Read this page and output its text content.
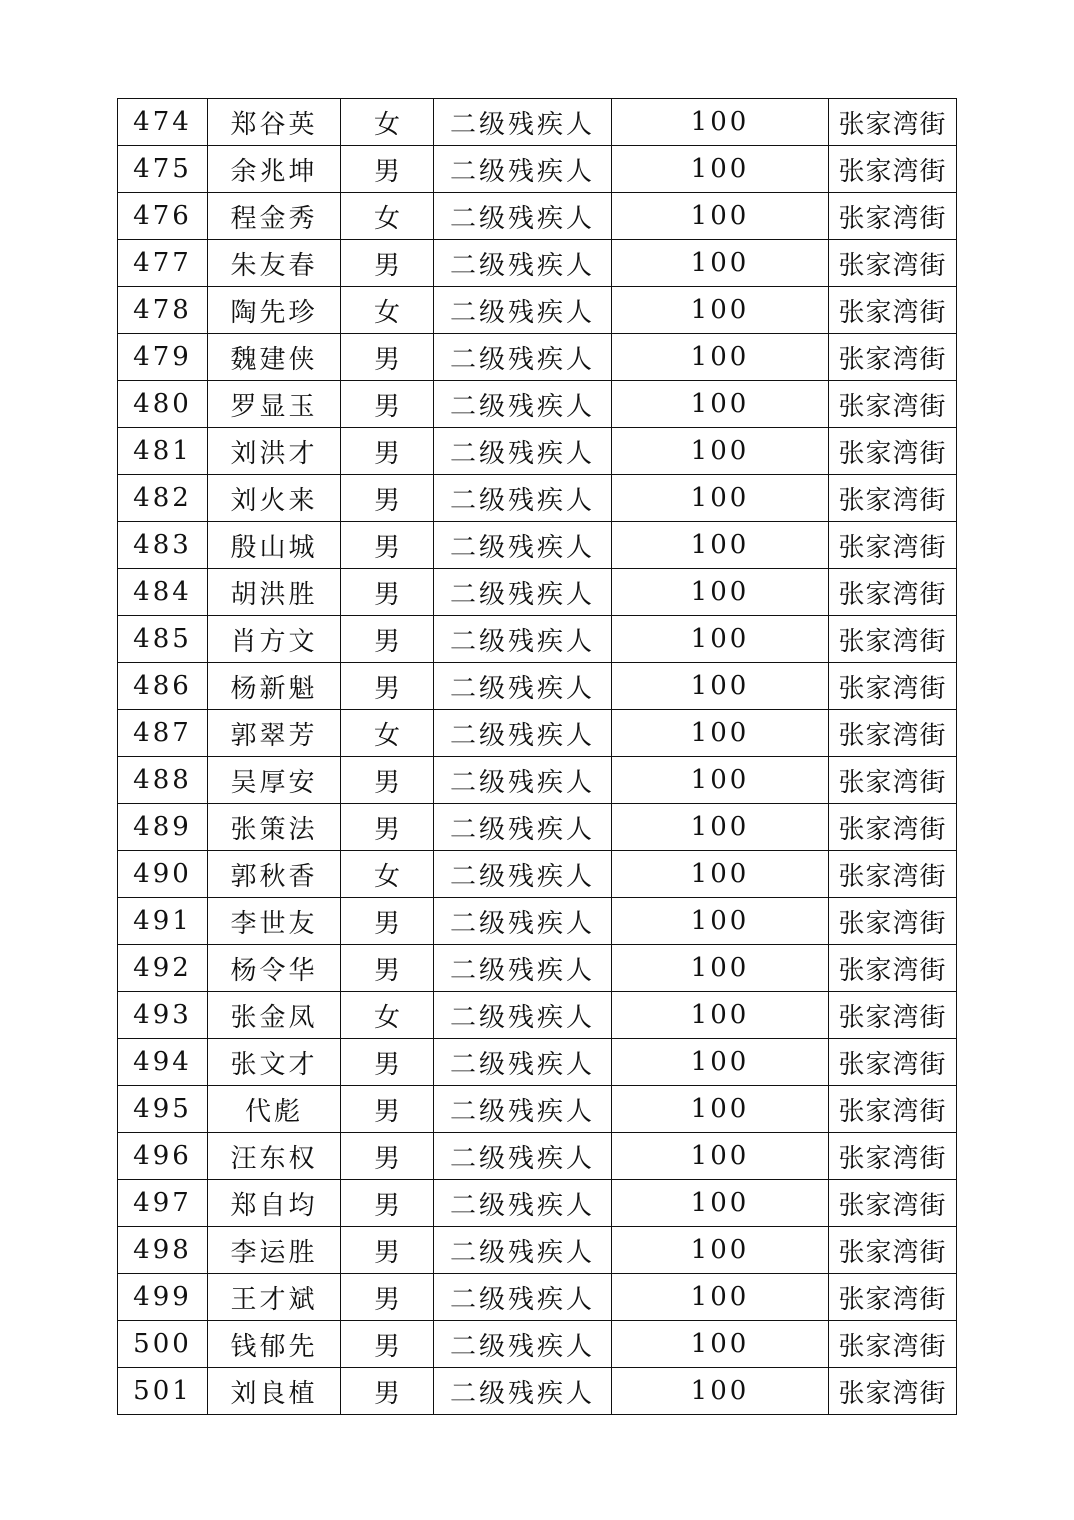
474	郑谷英	女	二级残疾人	100	张家湾街
475	余兆坤	男	二级残疾人	100	张家湾街
476	程金秀	女	二级残疾人	100	张家湾街
477	朱友春	男	二级残疾人	100	张家湾街
478	陶先珍	女	二级残疾人	100	张家湾街
479	魏建侠	男	二级残疾人	100	张家湾街
480	罗显玉	男	二级残疾人	100	张家湾街
481	刘洪才	男	二级残疾人	100	张家湾街
482	刘火来	男	二级残疾人	100	张家湾街
483	殷山城	男	二级残疾人	100	张家湾街
484	胡洪胜	男	二级残疾人	100	张家湾街
485	肖方文	男	二级残疾人	100	张家湾街
486	杨新魁	男	二级残疾人	100	张家湾街
487	郭翠芳	女	二级残疾人	100	张家湾街
488	吴厚安	男	二级残疾人	100	张家湾街
489	张策法	男	二级残疾人	100	张家湾街
490	郭秋香	女	二级残疾人	100	张家湾街
491	李世友	男	二级残疾人	100	张家湾街
492	杨令华	男	二级残疾人	100	张家湾街
493	张金凤	女	二级残疾人	100	张家湾街
494	张文才	男	二级残疾人	100	张家湾街
495	代彪	男	二级残疾人	100	张家湾街
496	汪东权	男	二级残疾人	100	张家湾街
497	郑自均	男	二级残疾人	100	张家湾街
498	李运胜	男	二级残疾人	100	张家湾街
499	王才斌	男	二级残疾人	100	张家湾街
500	钱郁先	男	二级残疾人	100	张家湾街
501	刘良植	男	二级残疾人	100	张家湾街
